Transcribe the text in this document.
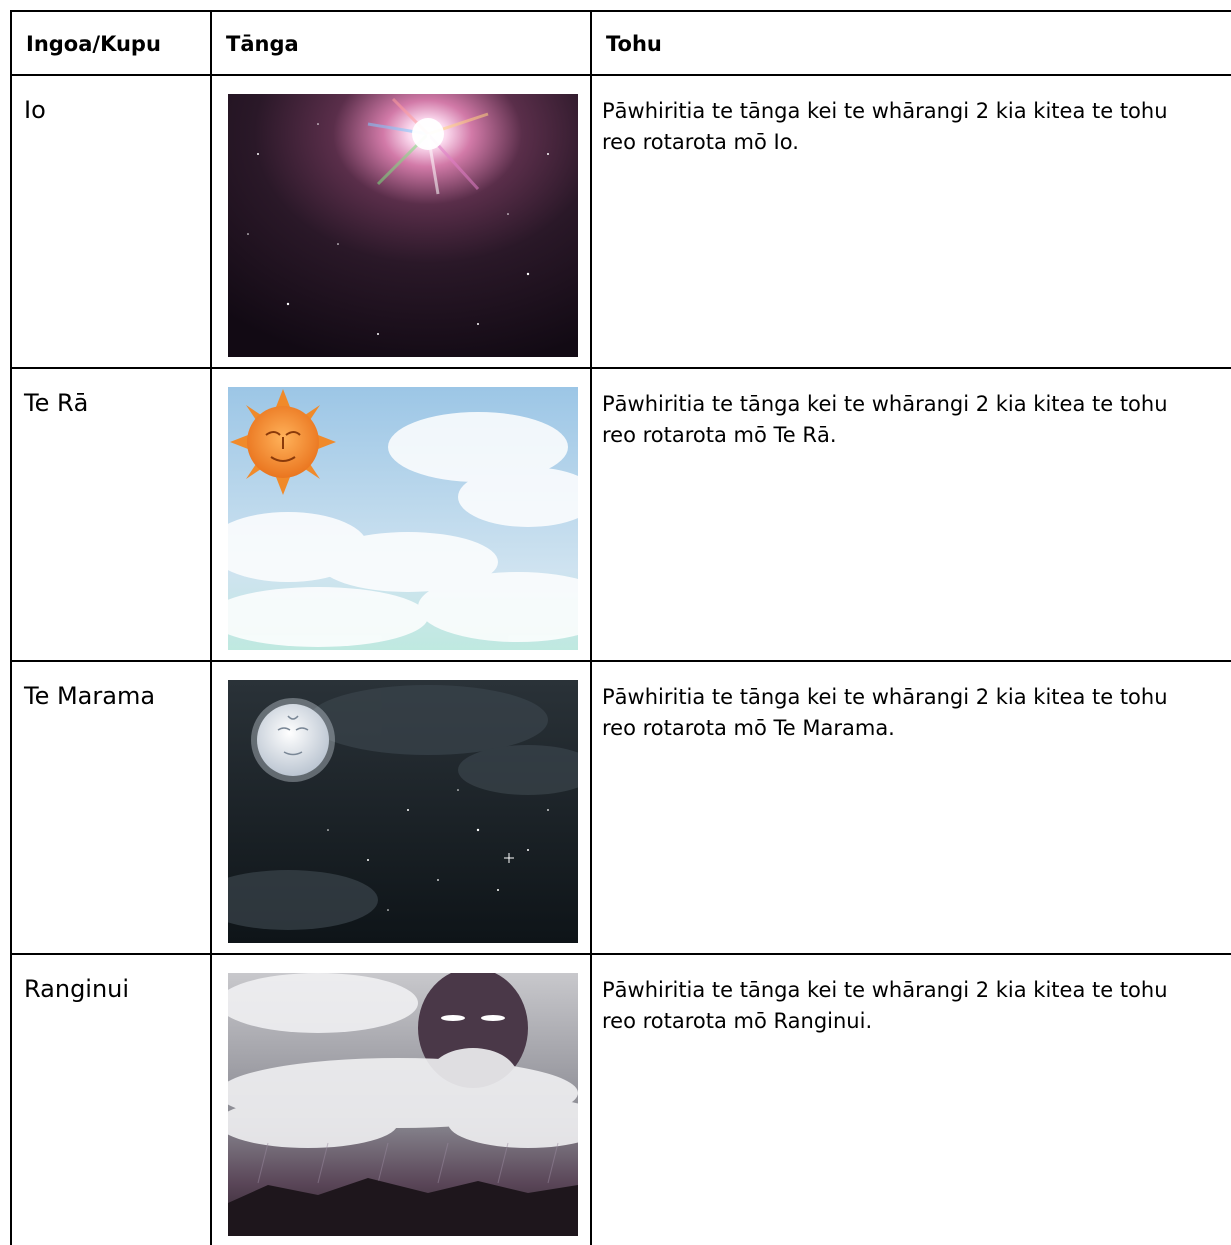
Ingoa/Kupu	Tānga	Tohu
Io		Pāwhiritia te tānga kei te whārangi 2 kia kitea te tohu reo rotarota mō Io.
Te Rā		Pāwhiritia te tānga kei te whārangi 2 kia kitea te tohu reo rotarota mō Te Rā.
Te Marama		Pāwhiritia te tānga kei te whārangi 2 kia kitea te tohu reo rotarota mō Te Marama.
Ranginui		Pāwhiritia te tānga kei te whārangi 2 kia kitea te tohu reo rotarota mō Ranginui.
